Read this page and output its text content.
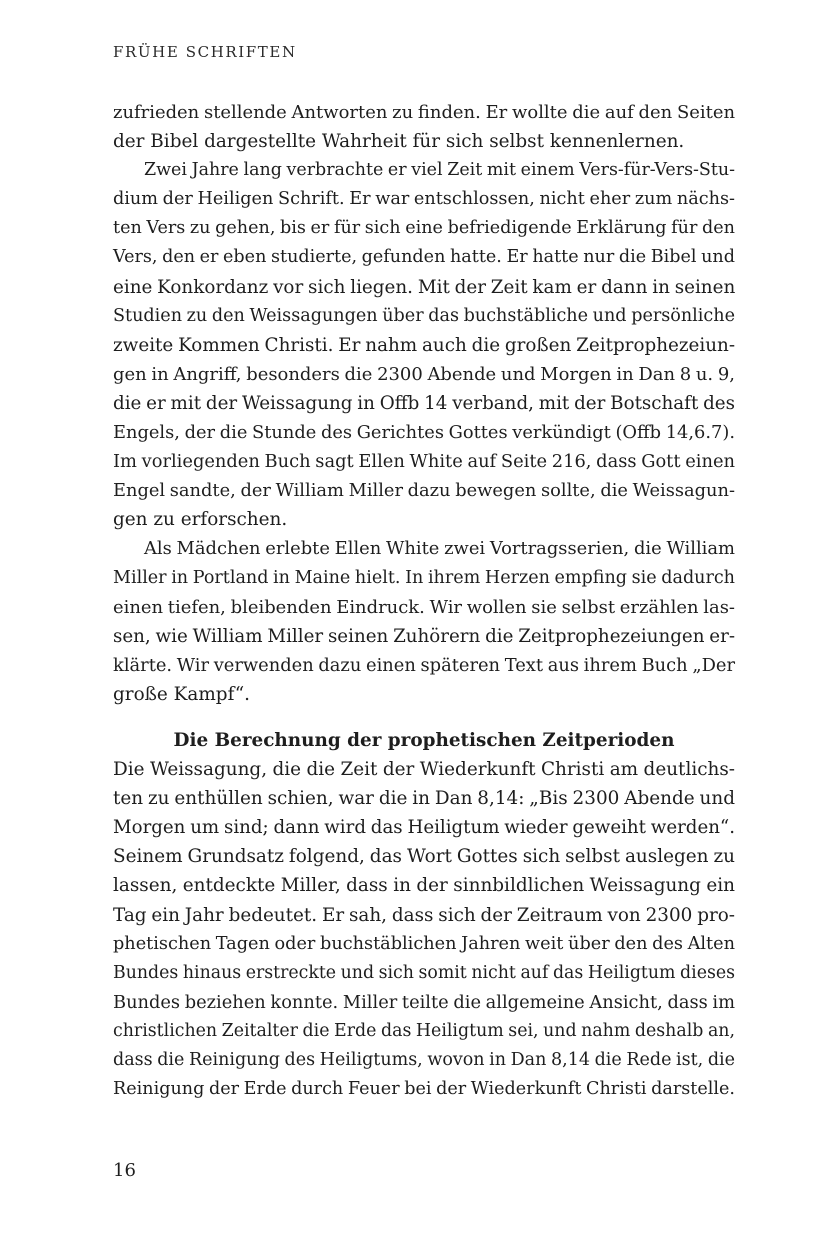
FRÜHE SCHRIFTEN
zufrieden stellende Antworten zu finden. Er wollte die auf den Seiten
der Bibel dargestellte Wahrheit für sich selbst kennenlernen.
Zwei Jahre lang verbrachte er viel Zeit mit einem Vers-für-Vers-Stu-
dium der Heiligen Schrift. Er war entschlossen, nicht eher zum nächs-
ten Vers zu gehen, bis er für sich eine befriedigende Erklärung für den
Vers, den er eben studierte, gefunden hatte. Er hatte nur die Bibel und
eine Konkordanz vor sich liegen. Mit der Zeit kam er dann in seinen
Studien zu den Weissagungen über das buchstäbliche und persönliche
zweite Kommen Christi. Er nahm auch die großen Zeitprophezeiun-
gen in Angriff, besonders die 2300 Abende und Morgen in Dan 8 u. 9,
die er mit der Weissagung in Offb 14 verband, mit der Botschaft des
Engels, der die Stunde des Gerichtes Gottes verkündigt (Offb 14,6.7).
Im vorliegenden Buch sagt Ellen White auf Seite 216, dass Gott einen
Engel sandte, der William Miller dazu bewegen sollte, die Weissagun-
gen zu erforschen.
Als Mädchen erlebte Ellen White zwei Vortragsserien, die William
Miller in Portland in Maine hielt. In ihrem Herzen empfing sie dadurch
einen tiefen, bleibenden Eindruck. Wir wollen sie selbst erzählen las-
sen, wie William Miller seinen Zuhörern die Zeitprophezeiungen er-
klärte. Wir verwenden dazu einen späteren Text aus ihrem Buch „Der
große Kampf“.
Die Berechnung der prophetischen Zeitperioden
Die Weissagung, die die Zeit der Wiederkunft Christi am deutlichs-
ten zu enthüllen schien, war die in Dan 8,14: „Bis 2300 Abende und
Morgen um sind; dann wird das Heiligtum wieder geweiht werden“.
Seinem Grundsatz folgend, das Wort Gottes sich selbst auslegen zu
lassen, entdeckte Miller, dass in der sinnbildlichen Weissagung ein
Tag ein Jahr bedeutet. Er sah, dass sich der Zeitraum von 2300 pro-
phetischen Tagen oder buchstäblichen Jahren weit über den des Alten
Bundes hinaus erstreckte und sich somit nicht auf das Heiligtum dieses
Bundes beziehen konnte. Miller teilte die allgemeine Ansicht, dass im
christlichen Zeitalter die Erde das Heiligtum sei, und nahm deshalb an,
dass die Reinigung des Heiligtums, wovon in Dan 8,14 die Rede ist, die
Reinigung der Erde durch Feuer bei der Wiederkunft Christi darstelle.
16
